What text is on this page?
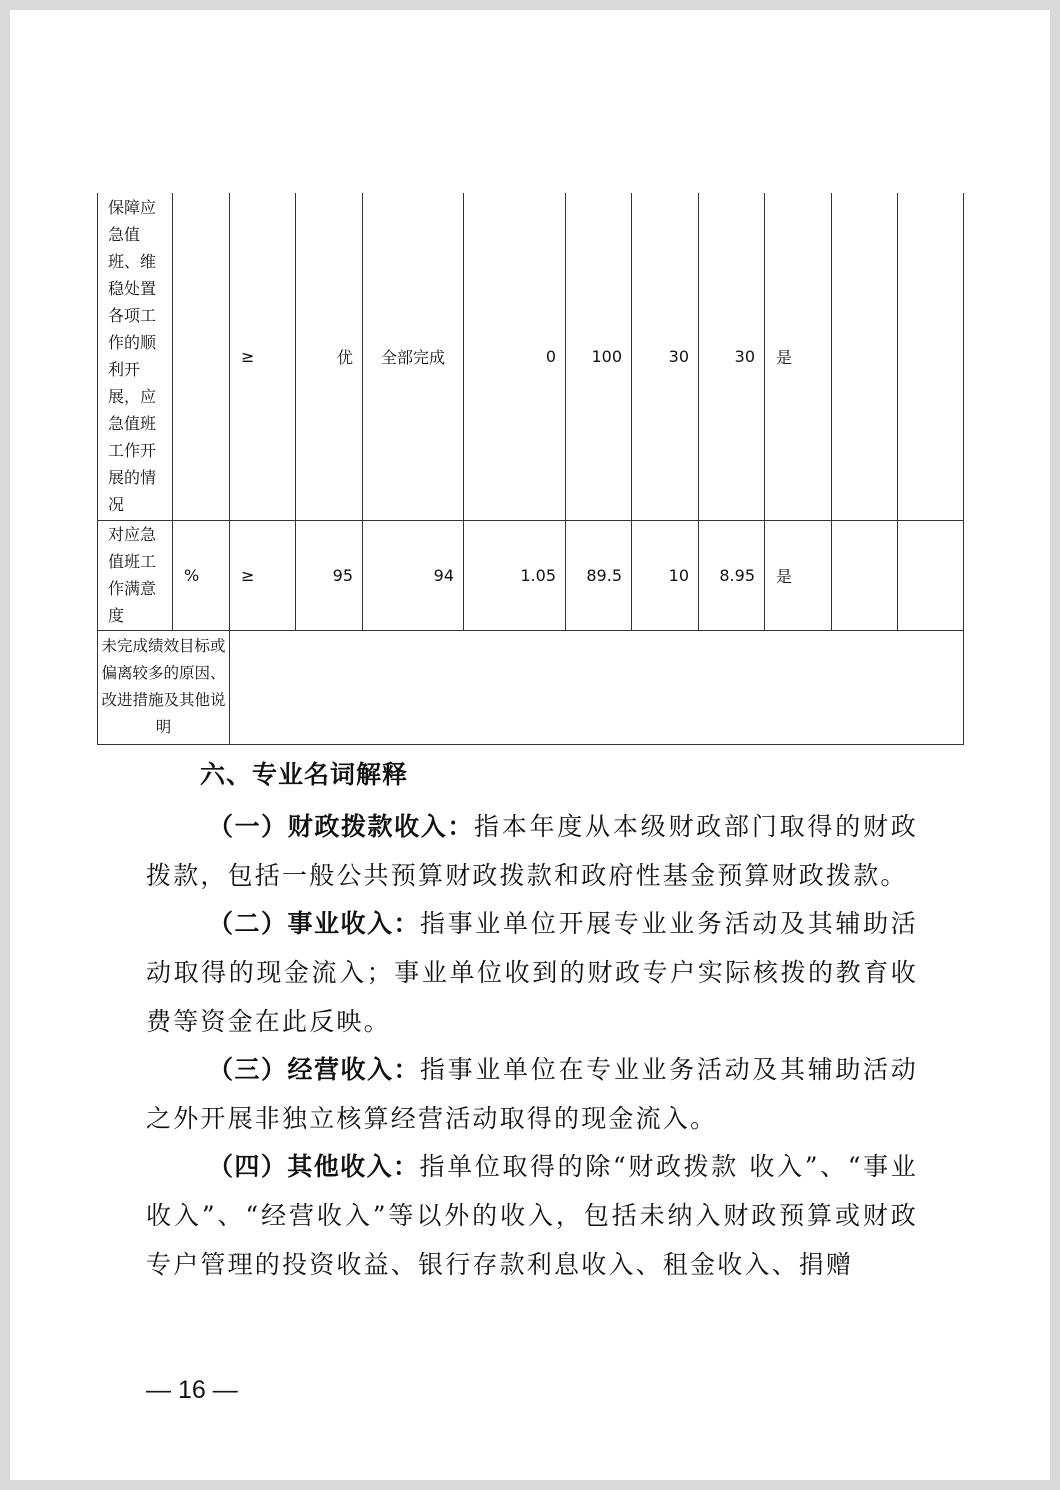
保障应急值班、维稳处置各项工作的顺利开展，应急值班工作开展的情况		≥	优	全部完成	0	100	30	30	是		
对应急值班工作满意度	%	≥	95	94	1.05	89.5	10	8.95	是		
未完成绩效目标或偏离较多的原因、改进措施及其他说明											
六、专业名词解释

（一）财政拨款收入：指本年度从本级财政部门取得的财政拨款，包括一般公共预算财政拨款和政府性基金预算财政拨款。

（二）事业收入：指事业单位开展专业业务活动及其辅助活动取得的现金流入；事业单位收到的财政专户实际核拨的教育收费等资金在此反映。

（三）经营收入：指事业单位在专业业务活动及其辅助活动之外开展非独立核算经营活动取得的现金流入。

（四）其他收入：指单位取得的除“财政拨款 收入”、“事业收入”、“经营收入”等以外的收入，包括未纳入财政预算或财政专户管理的投资收益、银行存款利息收入、租金收入、捐赠

— 16 —
